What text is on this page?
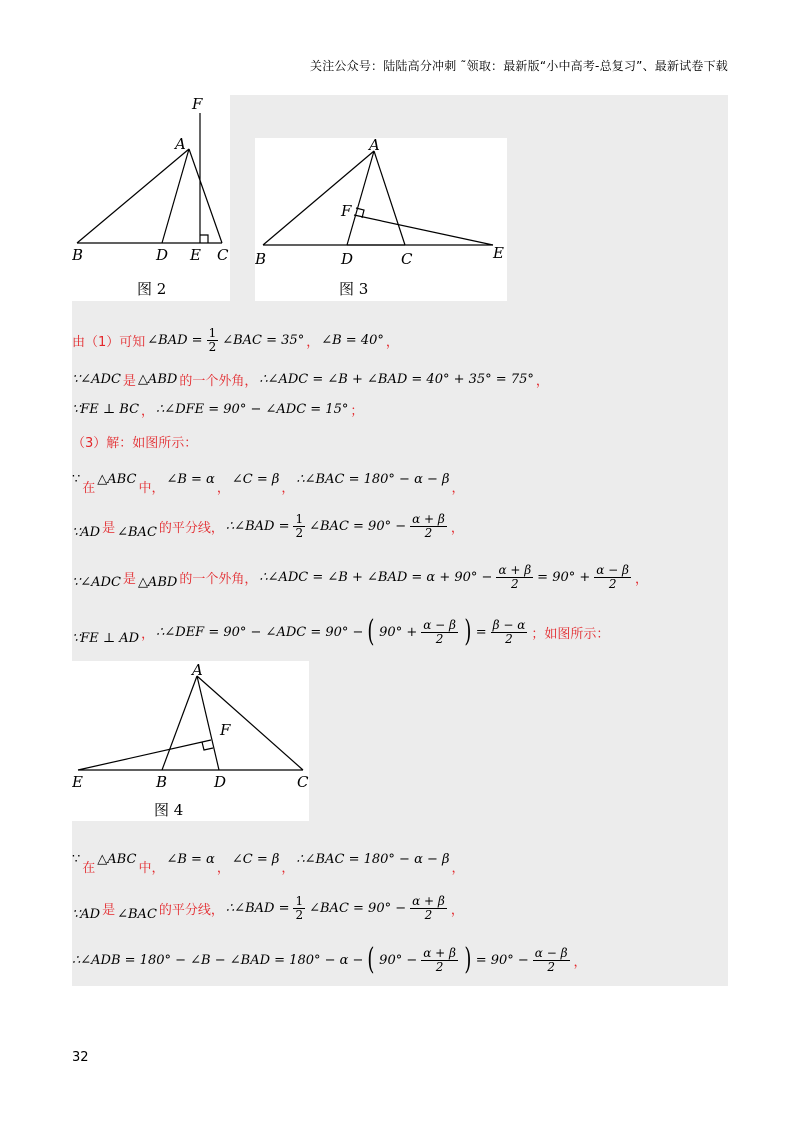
关注公众号：陆陆高分冲刺 ˜领取：最新版“小中高考-总复习”、最新试卷下载
F
A
B	D E C
图 2
A
F
B	D	C	E
图 3
由（1）可知 ∠BAD = $\frac{1}{2}$ ∠BAC = 35° ， ∠B = 40° ，
∵∠ADC 是 △ABD 的一个外角， ∴∠ADC = ∠B + ∠BAD = 40° + 35° = 75° ，
∵FE ⊥ BC ， ∴∠DFE = 90° − ∠ADC = 15° ；
（3）解：如图所示：
∵
在
△ABC
中，
∠B = α
，
∠C = β
，
∴∠BAC = 180° − α − β
，
∵AD 是 ∠BAC 的平分线， ∴∠BAD = $\frac{1}{2}$ ∠BAC = $90^\circ - \frac{\alpha + \beta}{2}$ ，
∵∠ADC 是 △ABD 的一个外角， ∴∠ADC = ∠B + ∠BAD = $\alpha + 90^\circ - \frac{\alpha + \beta}{2} = 90^\circ + \frac{\alpha - \beta}{2}$ ，
∵FE ⊥ AD ， ∴∠DEF = 90° − ∠ADC = 90° − ( $90^\circ + \frac{\alpha - \beta}{2}$ ) = $\frac{\beta - \alpha}{2}$ ；如图所示：
A
F
E	B	D	C
图 4
∵
在
△ABC
中，
∠B = α
，
∠C = β
，
∴∠BAC = 180° − α − β
，
∵AD 是 ∠BAC 的平分线， ∴∠BAD = $\frac{1}{2}$ ∠BAC = $90^\circ - \frac{\alpha + \beta}{2}$ ，
∴∠ADB = 180° − ∠B − ∠BAD = 180° − α − ( $90^\circ - \frac{\alpha + \beta}{2}$ ) = $90^\circ - \frac{\alpha - \beta}{2}$ ，
32
